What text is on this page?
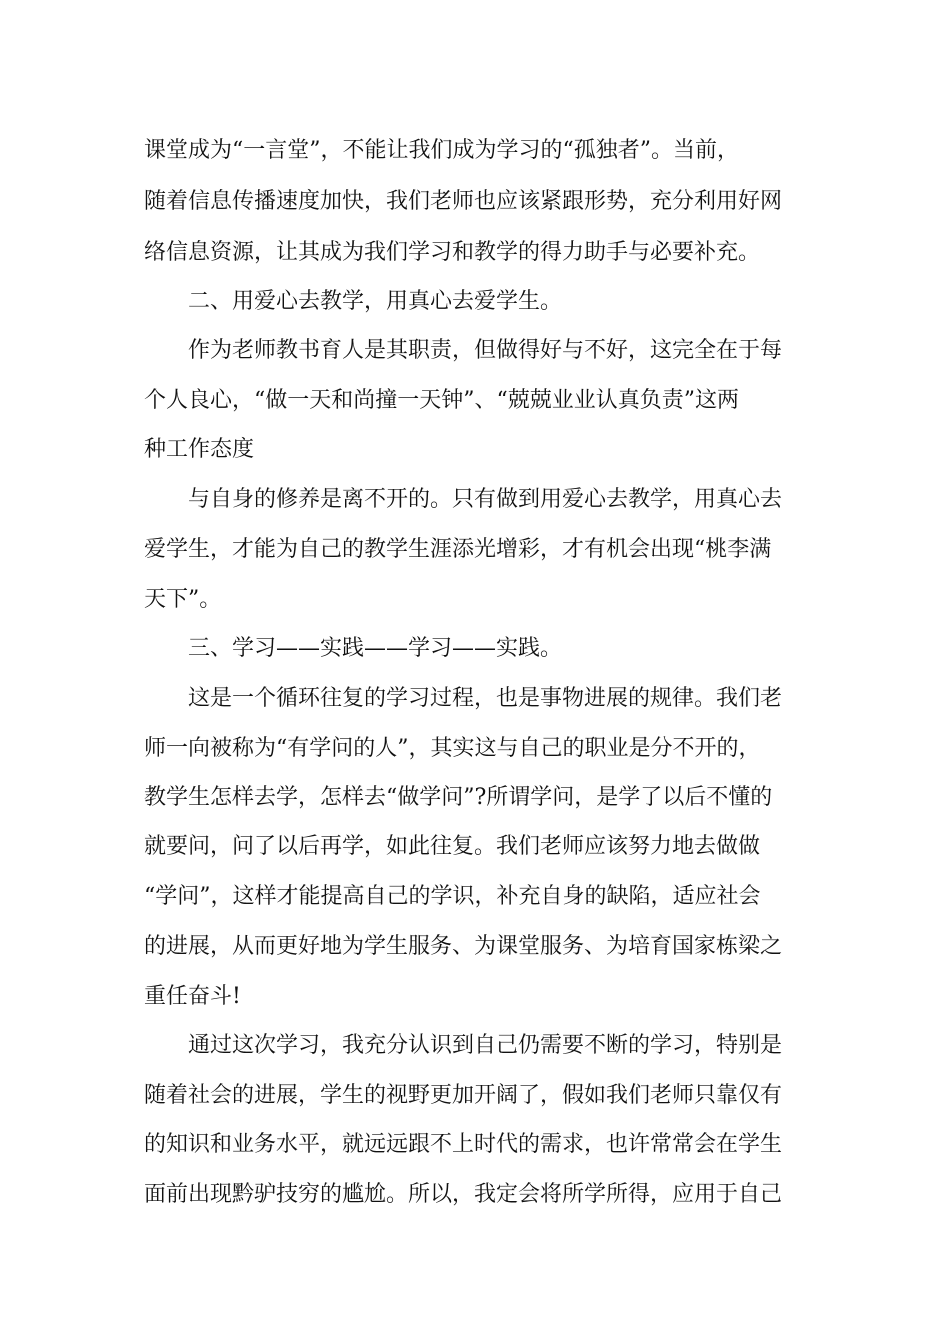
课堂成为“一言堂”，不能让我们成为学习的“孤独者”。当前，
随着信息传播速度加快，我们老师也应该紧跟形势，充分利用好网
络信息资源，让其成为我们学习和教学的得力助手与必要补充。
二、用爱心去教学，用真心去爱学生。
作为老师教书育人是其职责，但做得好与不好，这完全在于每
个人良心，“做一天和尚撞一天钟”、“兢兢业业认真负责”这两
种工作态度
与自身的修养是离不开的。只有做到用爱心去教学，用真心去
爱学生，才能为自己的教学生涯添光增彩，才有机会出现“桃李满
天下”。
三、学习——实践——学习——实践。
这是一个循环往复的学习过程，也是事物进展的规律。我们老
师一向被称为“有学问的人”，其实这与自己的职业是分不开的，
教学生怎样去学，怎样去“做学问”?所谓学问，是学了以后不懂的
就要问，问了以后再学，如此往复。我们老师应该努力地去做做
“学问”，这样才能提高自己的学识，补充自身的缺陷，适应社会
的进展，从而更好地为学生服务、为课堂服务、为培育国家栋梁之
重任奋斗!
通过这次学习，我充分认识到自己仍需要不断的学习，特别是
随着社会的进展，学生的视野更加开阔了，假如我们老师只靠仅有
的知识和业务水平，就远远跟不上时代的需求，也许常常会在学生
面前出现黔驴技穷的尴尬。所以，我定会将所学所得，应用于自己
